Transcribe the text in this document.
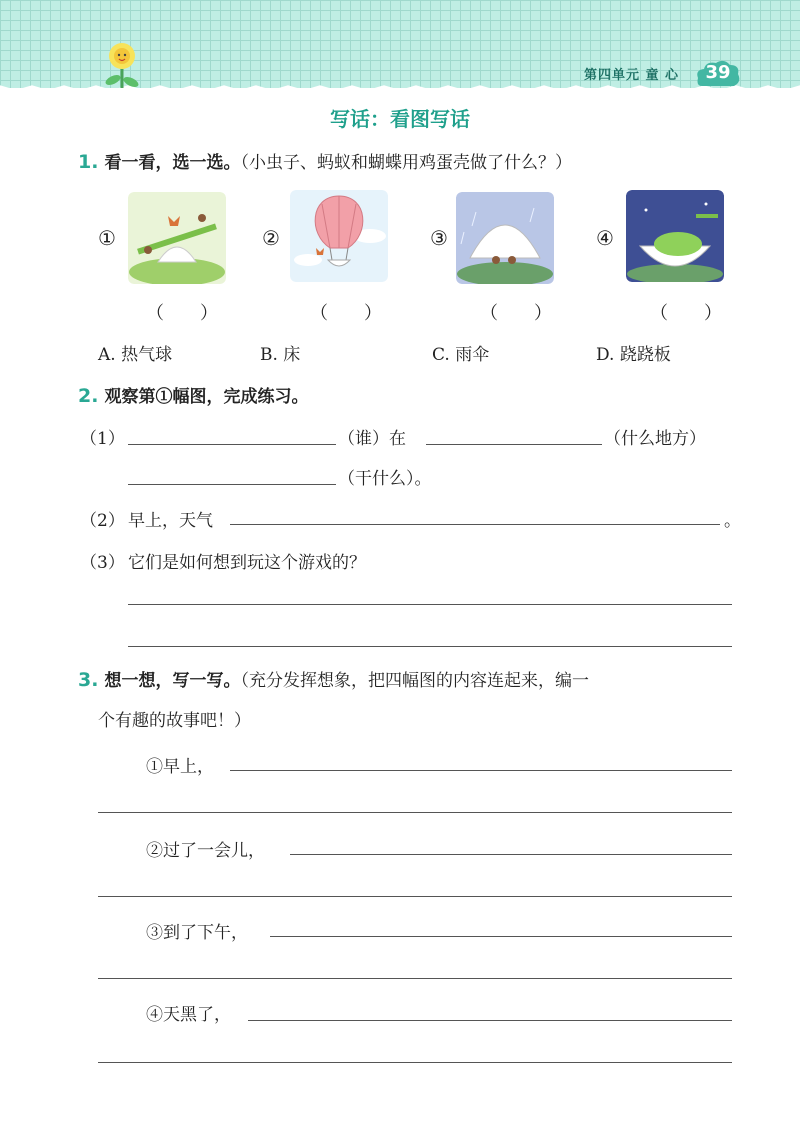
第四单元 童 心	39
写话：看图写话
1. 看一看，选一选。（小虫子、蚂蚁和蝴蝶用鸡蛋壳做了什么？）
①	②	③	④
（　　）	（　　）	（　　）	（　　）
A. 热气球	B. 床	C. 雨伞	D. 跷跷板
2. 观察第①幅图，完成练习。
（1）	（谁）在	（什么地方）
（干什么）。
（2） 早上，天气	。
（3） 它们是如何想到玩这个游戏的？
3. 想一想，写一写。（充分发挥想象，把四幅图的内容连起来，编一
个有趣的故事吧！）
①早上，
②过了一会儿，
③到了下午，
④天黑了，
